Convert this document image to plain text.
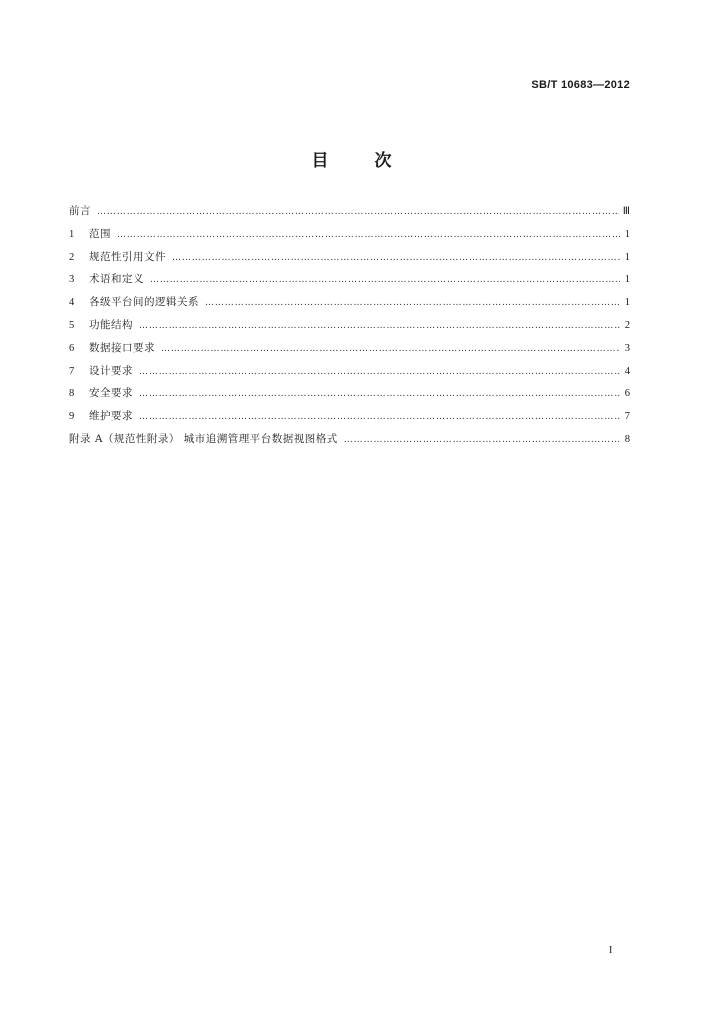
SB/T 10683—2012
目	次
前言 ………………………………………………………………………………………………………………………………………………………………………………………………………	Ⅲ
1	范围 ………………………………………………………………………………………………………………………………………………………………………………………………………	1
2	规范性引用文件 ………………………………………………………………………………………………………………………………………………………………………………………………………	1
3	术语和定义 ………………………………………………………………………………………………………………………………………………………………………………………………………	1
4	各级平台间的逻辑关系 ………………………………………………………………………………………………………………………………………………………………………………………………………	1
5	功能结构 ………………………………………………………………………………………………………………………………………………………………………………………………………	2
6	数据接口要求 ………………………………………………………………………………………………………………………………………………………………………………………………………	3
7	设计要求 ………………………………………………………………………………………………………………………………………………………………………………………………………	4
8	安全要求 ………………………………………………………………………………………………………………………………………………………………………………………………………	6
9	维护要求 ………………………………………………………………………………………………………………………………………………………………………………………………………	7
附录 A（规范性附录） 城市追溯管理平台数据视图格式 ………………………………………………………………………………………………………………………………………………………………………………………………………	8
I
